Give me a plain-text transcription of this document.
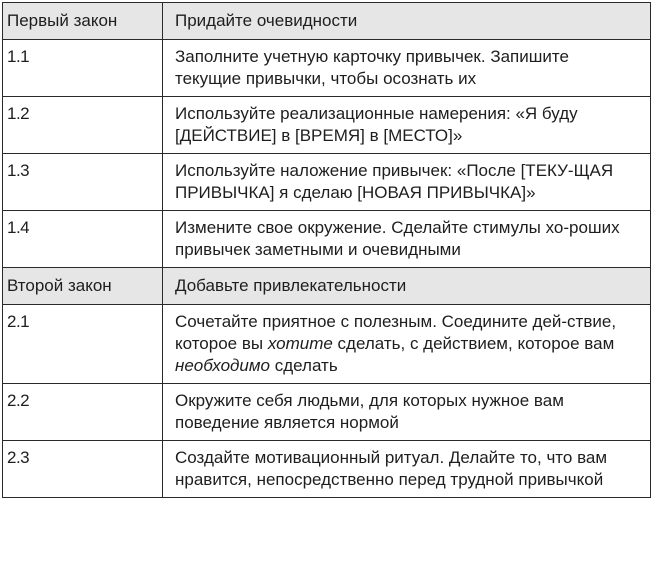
Первый закон	Придайте очевидности
1.1	Заполните учетную карточку привычек. Запишите текущие привычки, чтобы осознать их
1.2	Используйте реализационные намерения: «Я буду [ДЕЙСТВИЕ] в [ВРЕМЯ] в [МЕСТО]»
1.3	Используйте наложение привычек: «После [ТЕКУ-ЩАЯ ПРИВЫЧКА] я сделаю [НОВАЯ ПРИВЫЧКА]»
1.4	Измените свое окружение. Сделайте стимулы хо-роших привычек заметными и очевидными
Второй закон	Добавьте привлекательности
2.1	Сочетайте приятное с полезным. Соедините дей-ствие, которое вы хотите сделать, с действием, которое вам необходимо сделать
2.2	Окружите себя людьми, для которых нужное вам поведение является нормой
2.3	Создайте мотивационный ритуал. Делайте то, что вам нравится, непосредственно перед трудной привычкой
